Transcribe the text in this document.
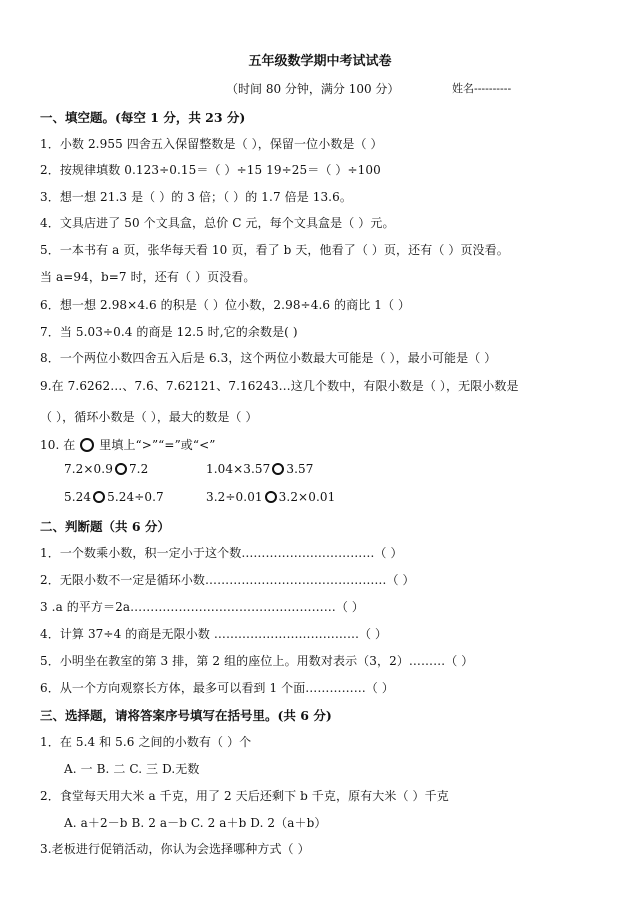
五年级数学期中考试试卷
（时间 80 分钟，满分 100 分）	姓名----------
一、填空题。(每空 1 分，共 23 分)
1．小数 2.955 四舍五入保留整数是（ ），保留一位小数是（ ）
2．按规律填数 0.123÷0.15＝（ ）÷15 19÷25＝（ ）÷100
3．想一想 21.3 是（ ）的 3 倍；（ ）的 1.7 倍是 13.6。
4．文具店进了 50 个文具盒，总价 C 元，每个文具盒是（ ）元。
5．一本书有 a 页，张华每天看 10 页，看了 b 天，他看了（ ）页，还有（ ）页没看。
当 a=94，b=7 时，还有（ ）页没看。
6．想一想 2.98×4.6 的积是（ ）位小数，2.98÷4.6 的商比 1（ ）
7．当 5.03÷0.4 的商是 12.5 时,它的余数是( )
8．一个两位小数四舍五入后是 6.3，这个两位小数最大可能是（ ），最小可能是（ ）
9.在 7.6262…、7.6̇、7.62121、7.16243…这几个数中，有限小数是（ ），无限小数是
（ ），循环小数是（ ），最大的数是（ ）
10. 在 里填上“>”“=”或“<”
7.2×0.9 7.2	1.04×3.57 3.57
5.24 5.24÷0.7	3.2÷0.01 3.2×0.01
二、判断题（共 6 分）
1．一个数乘小数，积一定小于这个数……………………………（ ）
2．无限小数不一定是循环小数………………………………………（ ）
3 .a 的平方＝2a……………………………………………（ ）
4．计算 37÷4 的商是无限小数 ………………………………（ ）
5．小明坐在教室的第 3 排，第 2 组的座位上。用数对表示（3，2）………（ ）
6．从一个方向观察长方体，最多可以看到 1 个面……………（ ）
三、选择题，请将答案序号填写在括号里。(共 6 分)
1．在 5.4 和 5.6 之间的小数有（ ）个
A. 一 B. 二 C. 三 D.无数
2．食堂每天用大米 a 千克，用了 2 天后还剩下 b 千克，原有大米（ ）千克
A. a＋2－b B. 2 a－b C. 2 a＋b D. 2（a＋b）
3.老板进行促销活动，你认为会选择哪种方式（ ）
